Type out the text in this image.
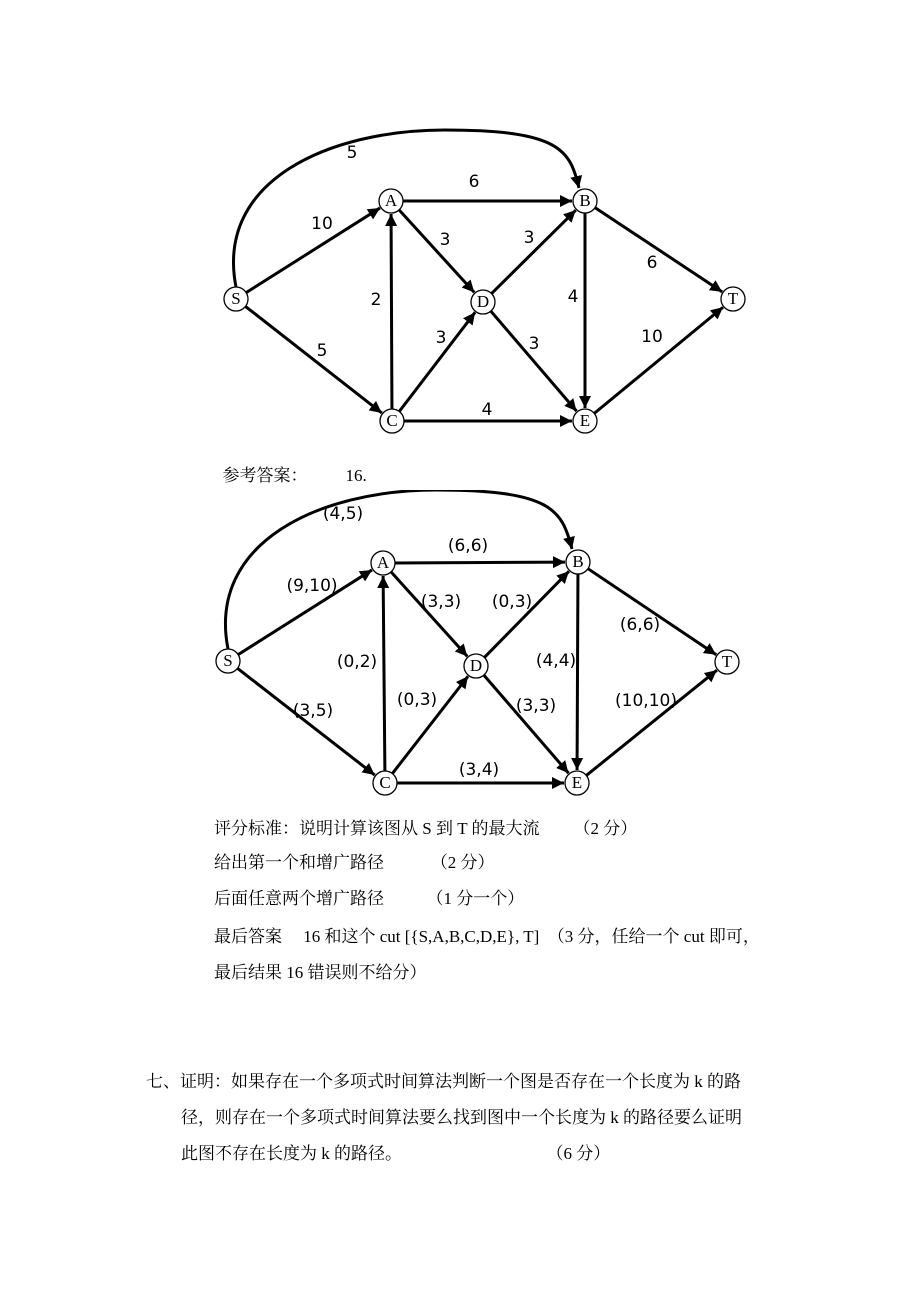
5
10
5
6
3
2
3
3	3
4
4
6
10
S
A	B
C
D
E
T

参考答案： 16.

(4,5)
(9,10)
(3,5)
(6,6)
(3,3)
(0,2)
(0,3)
(0,3)	(3,3)
(4,4)
(3,4)
(6,6)
(10,10)
S
A	B
C
D
E
T
评分标准：说明计算该图从 S 到 T 的最大流        （2 分）
给出第一个和增广路径           （2 分）
后面任意两个增广路径          （1 分一个）
最后答案     16 和这个 cut [{S,A,B,C,D,E}, T]  （3 分，任给一个 cut 即可，
最后结果 16 错误则不给分）
七、证明：如果存在一个多项式时间算法判断一个图是否存在一个长度为 k 的路
径，则存在一个多项式时间算法要么找到图中一个长度为 k 的路径要么证明
此图不存在长度为 k 的路径。                                  （6 分）
